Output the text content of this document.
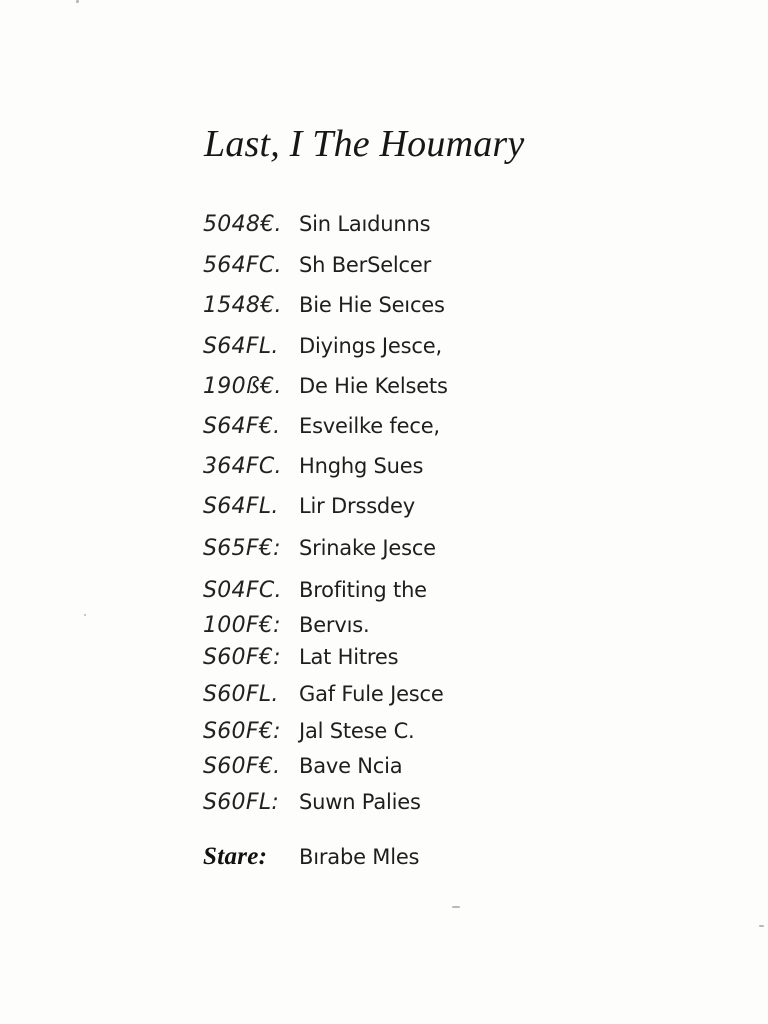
Last, I The Houmary
5048€. Sin Laıdunns
564FC. Sh BerSelcer
1548€. Bie Hie Seıces
S64FL. Diyings Jesce,
190ß€. De Hie Kelsets
S64F€. Esveilke fece,
364FC. Hnghg Sues
S64FL. Lir Drssdey
S65F€: Srinake Jesce
S04FC. Brofiting the
100F€: Bervıs.
S60F€: Lat Hitres
S60FL. Gaf Fule Jesce
S60F€: Jal Stese C.
S60F€. Bave Ncia
S60FL: Suwn Palies
Stare:	Bırabe Mles
